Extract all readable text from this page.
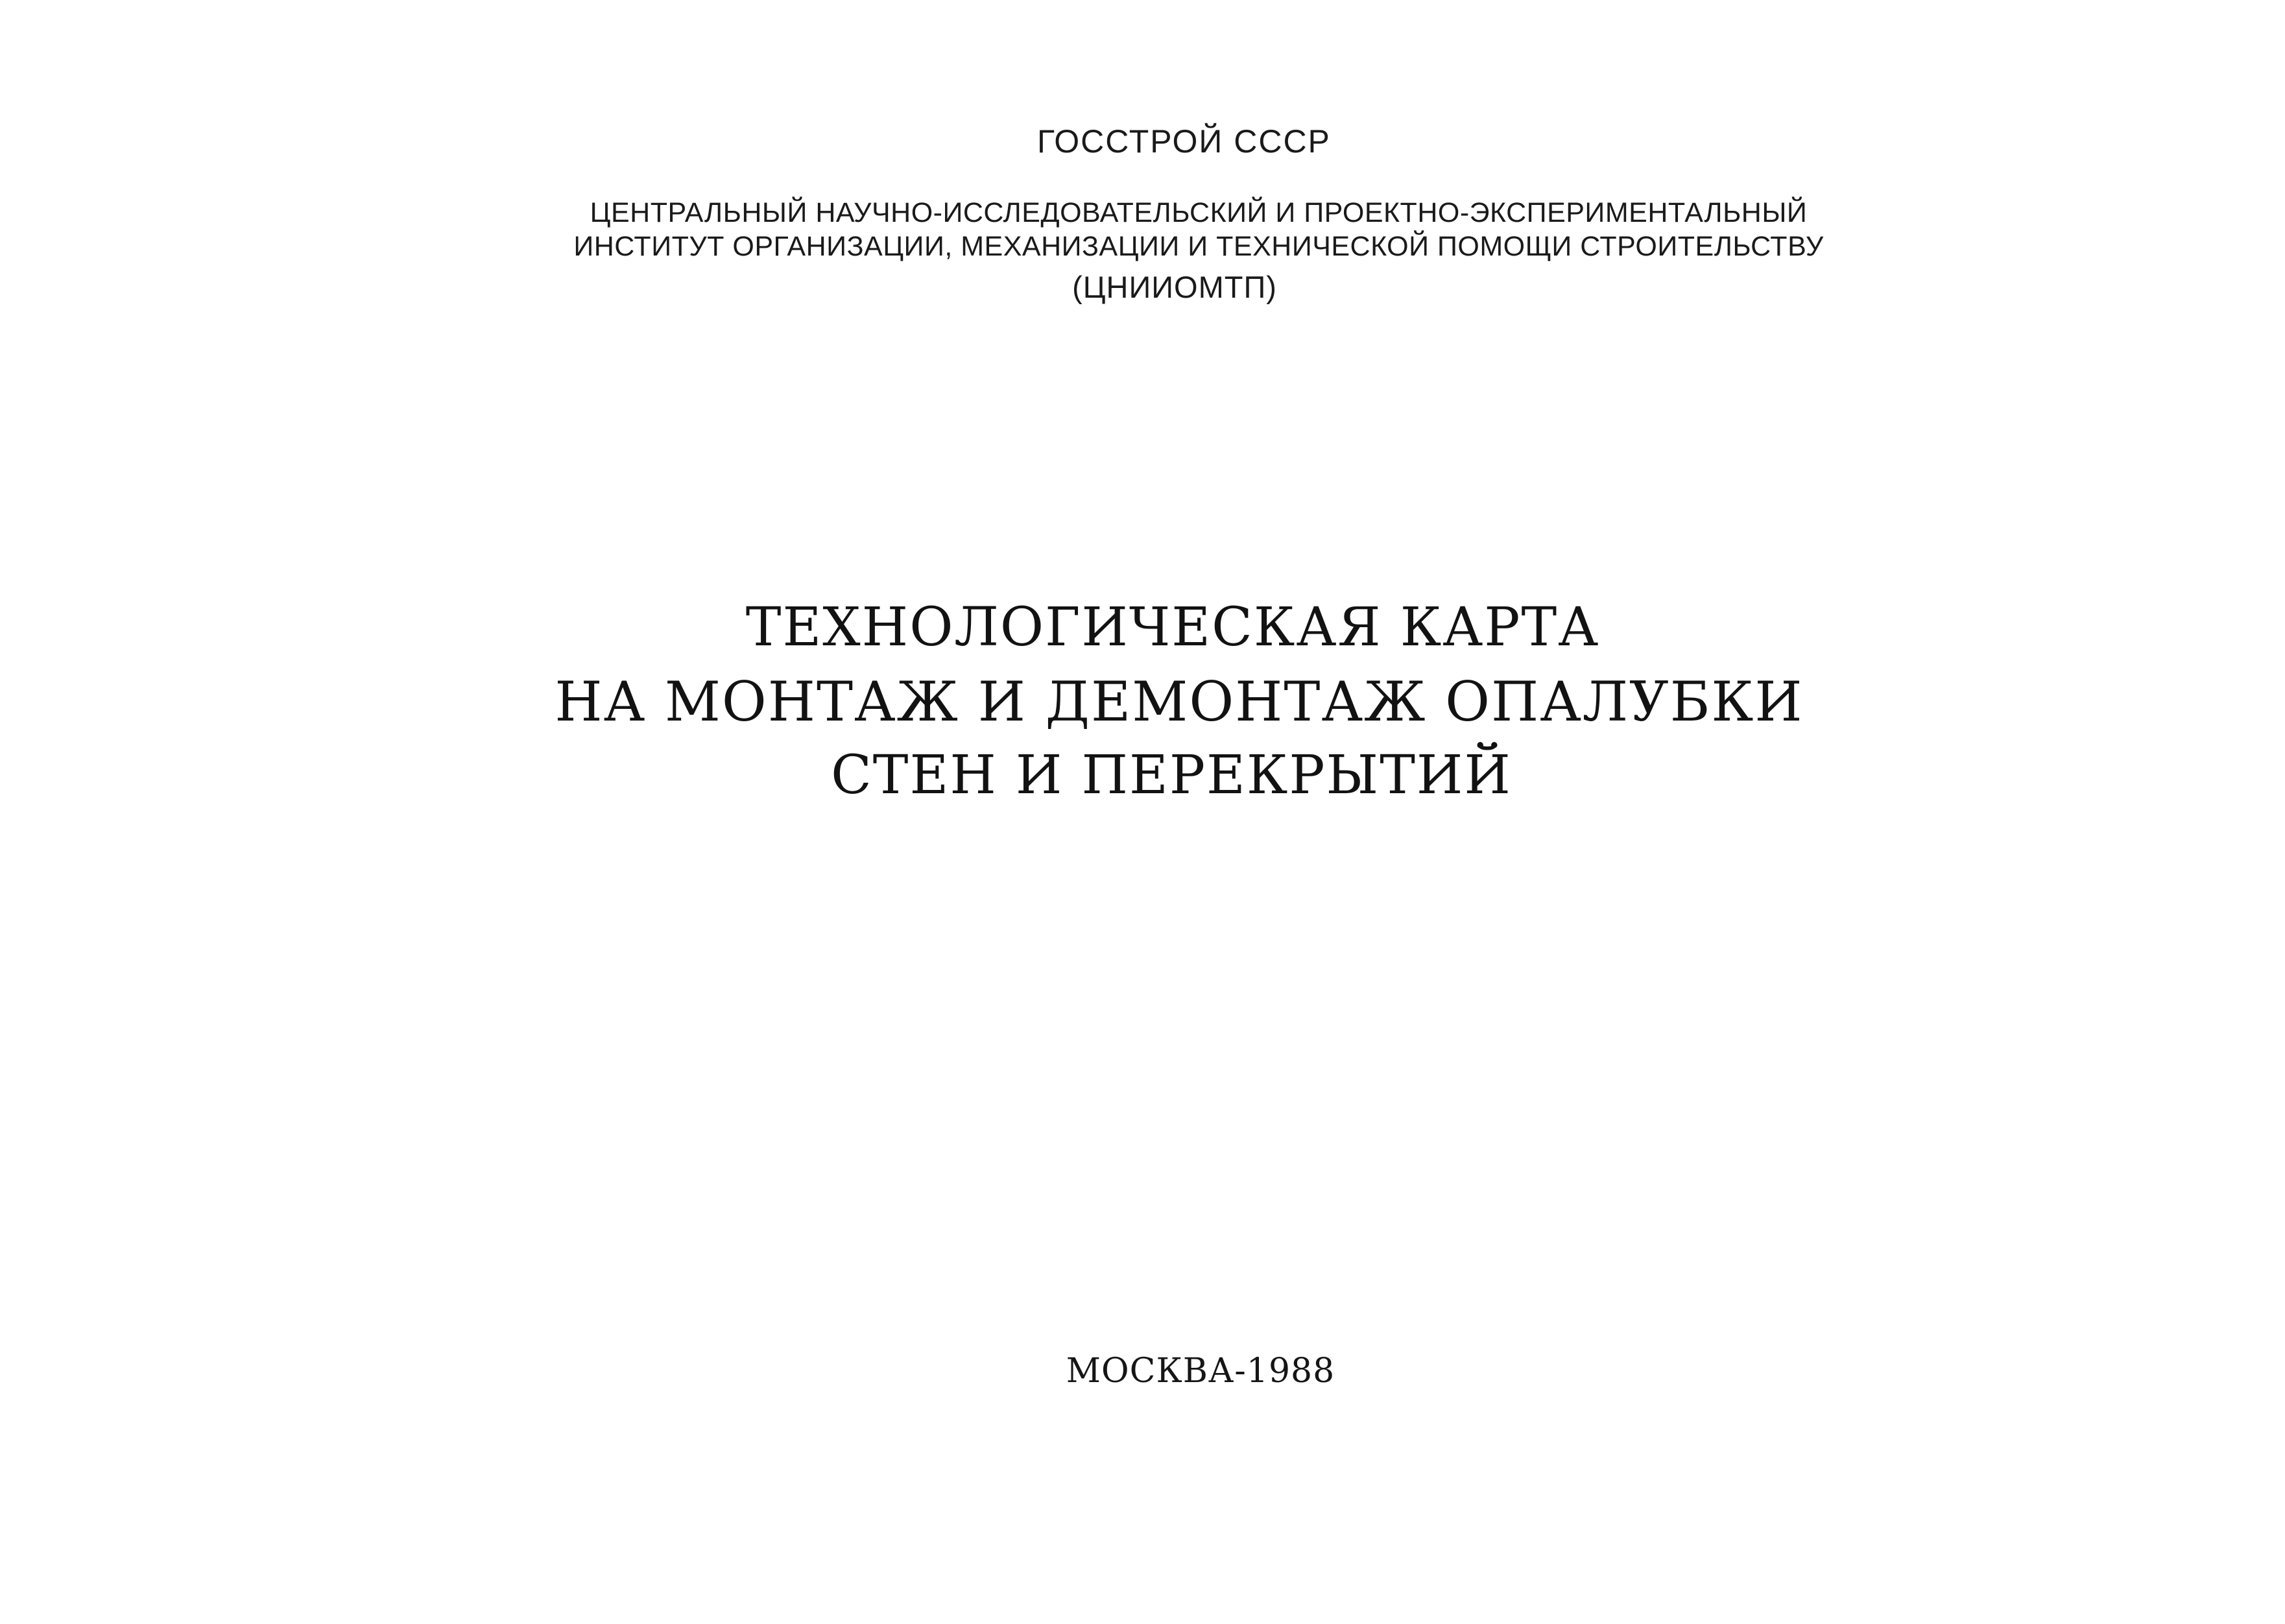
ГОССТРОЙ СССР
ЦЕНТРАЛЬНЫЙ НАУЧНО-ИССЛЕДОВАТЕЛЬСКИЙ И ПРОЕКТНО-ЭКСПЕРИМЕНТАЛЬНЫЙ
ИНСТИТУТ ОРГАНИЗАЦИИ, МЕХАНИЗАЦИИ И ТЕХНИЧЕСКОЙ ПОМОЩИ СТРОИТЕЛЬСТВУ
(ЦНИИОМТП)
ТЕХНОЛОГИЧЕСКАЯ КАРТА
НА МОНТАЖ И ДЕМОНТАЖ ОПАЛУБКИ
СТЕН И ПЕРЕКРЫТИЙ
МОСКВА-1988
